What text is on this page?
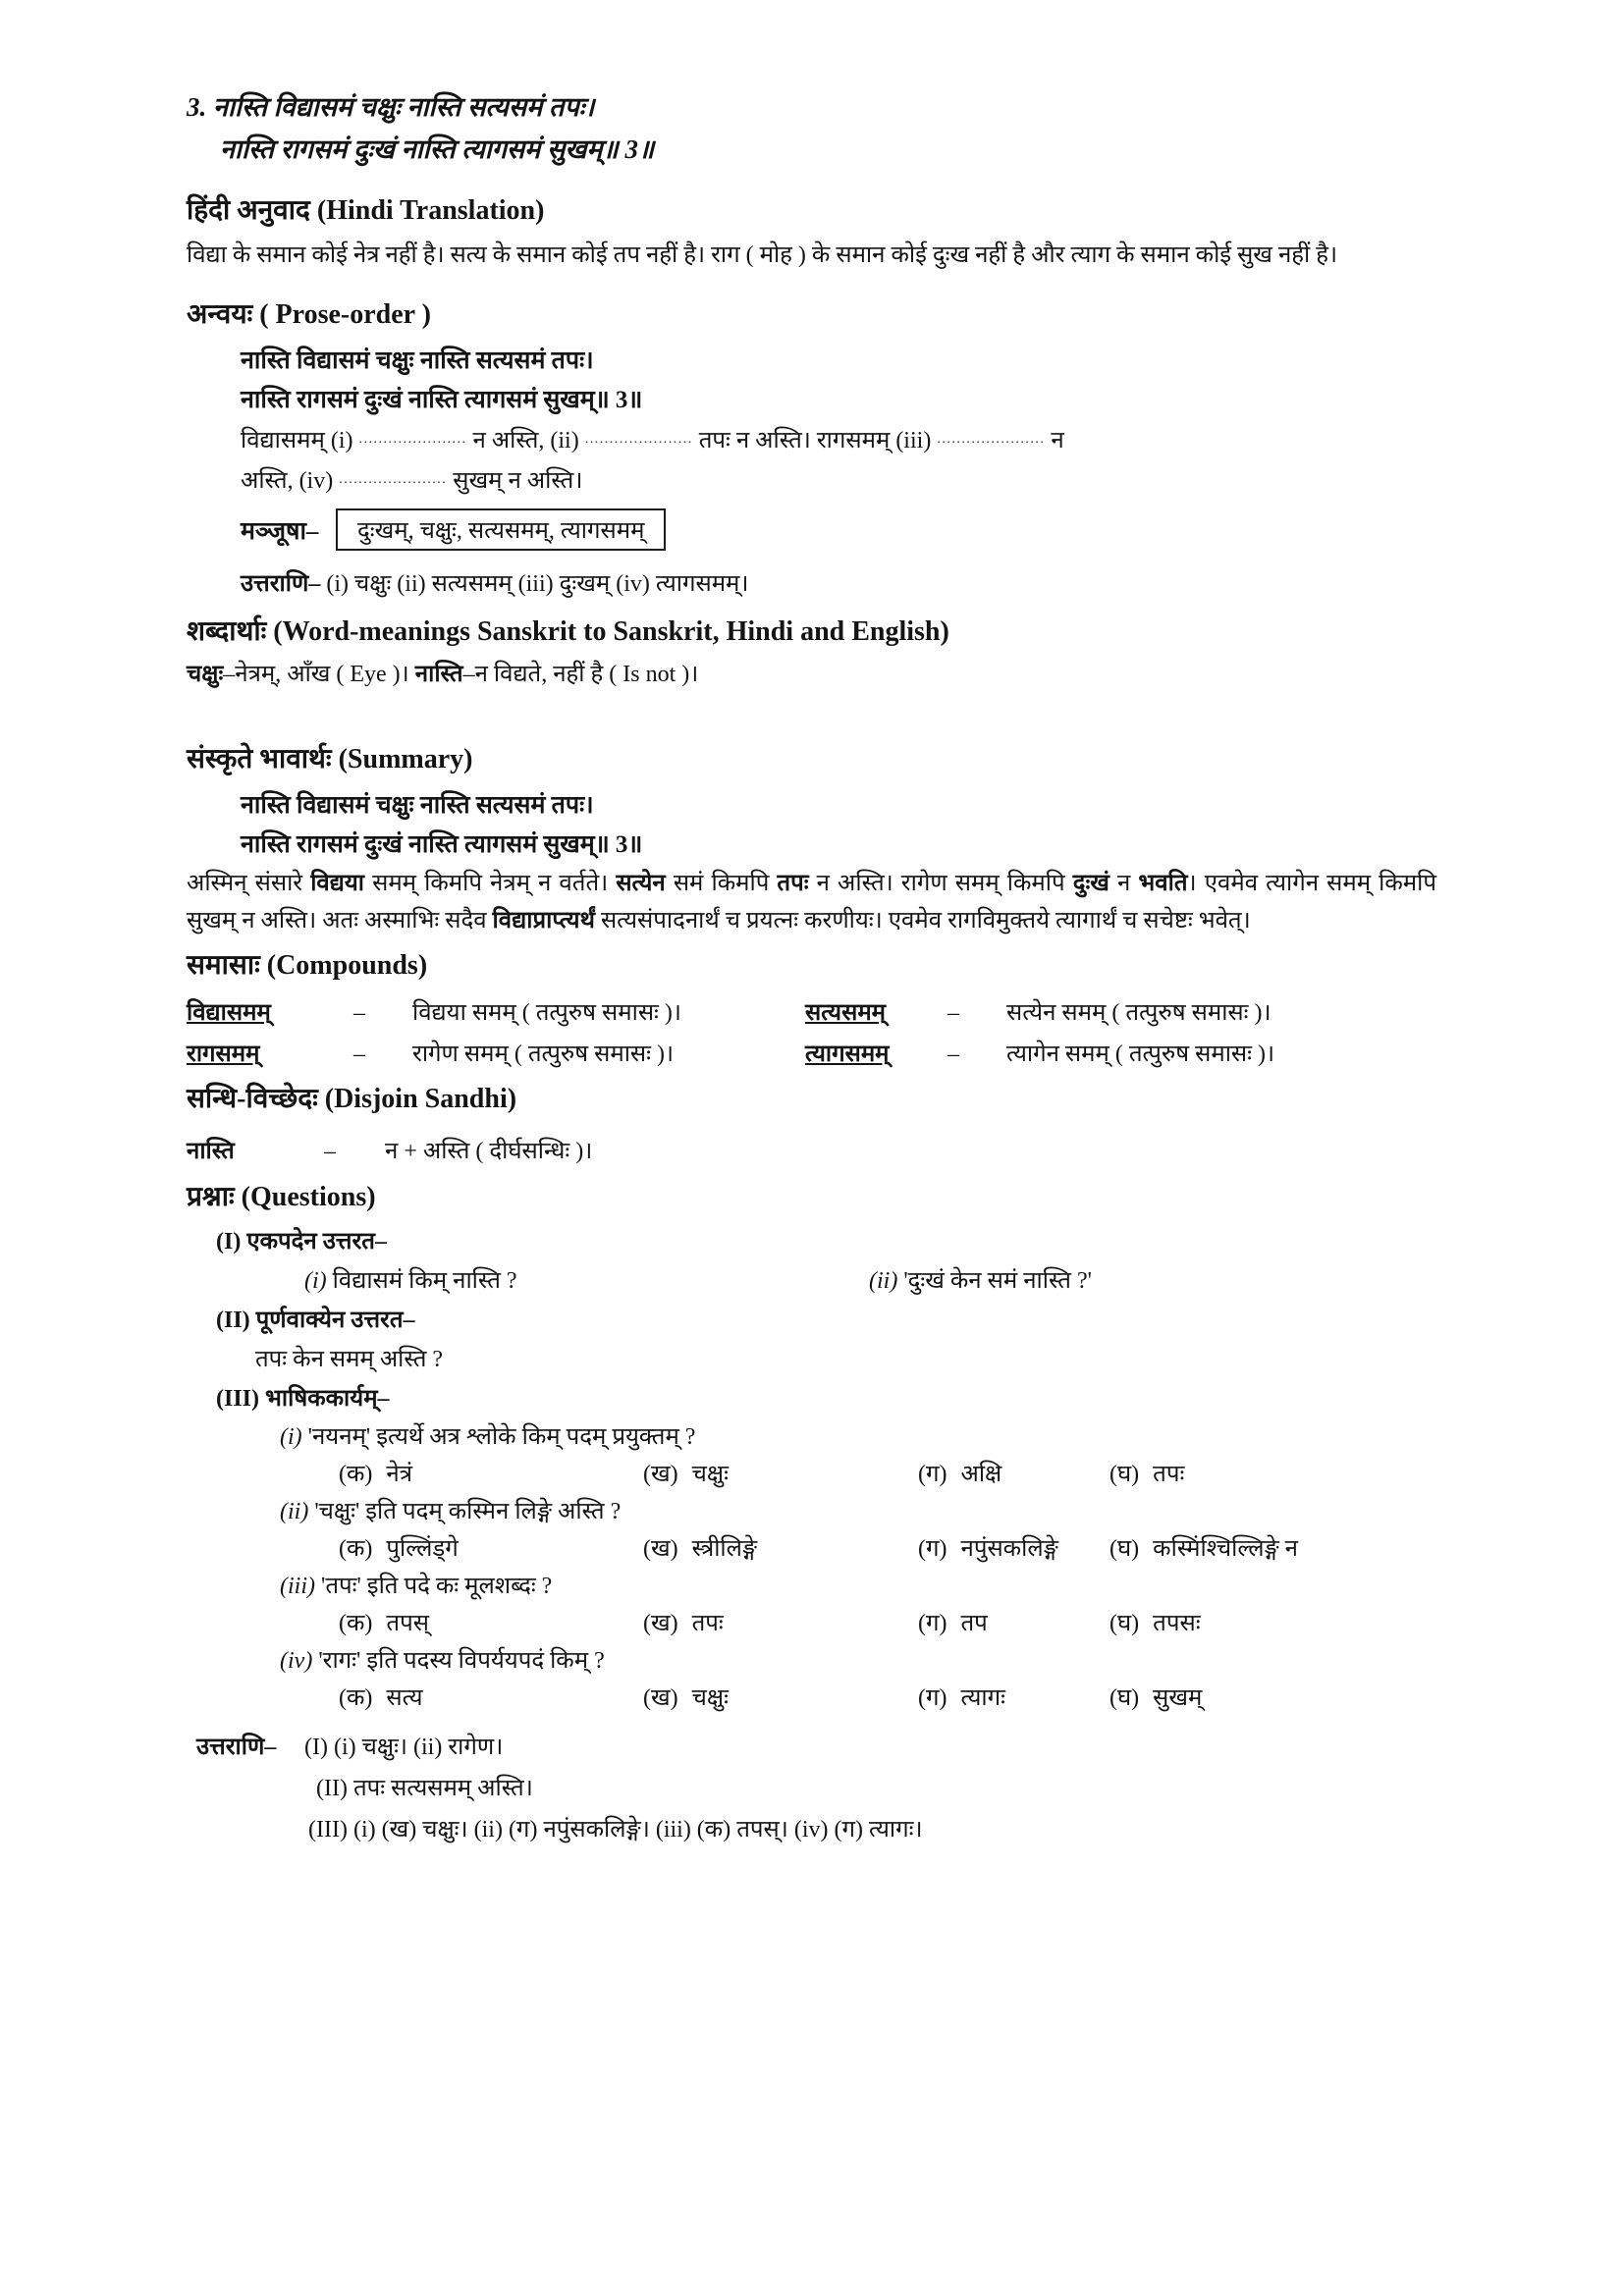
3. नास्ति विद्यासमं चक्षुः नास्ति सत्यसमं तपः।
नास्ति रागसमं दुःखं नास्ति त्यागसमं सुखम्॥ 3॥
हिंदी अनुवाद (Hindi Translation)
विद्या के समान कोई नेत्र नहीं है। सत्य के समान कोई तप नहीं है। राग ( मोह ) के समान कोई दुःख नहीं है और त्याग के समान कोई सुख नहीं है।
अन्वयः ( Prose-order )
नास्ति विद्यासमं चक्षुः नास्ति सत्यसमं तपः।
नास्ति रागसमं दुःखं नास्ति त्यागसमं सुखम्॥ 3॥
विद्यासमम् (i) ...................... न अस्ति, (ii) ...................... तपः न अस्ति। रागसमम् (iii) ...................... न
अस्ति, (iv) ...................... सुखम् न अस्ति।
मञ्जूषा–	दुःखम्, चक्षुः, सत्यसमम्, त्यागसमम्
उत्तराणि– (i) चक्षुः (ii) सत्यसमम् (iii) दुःखम् (iv) त्यागसमम्।
शब्दार्थाः (Word-meanings Sanskrit to Sanskrit, Hindi and English)
चक्षुः–नेत्रम्, आँख ( Eye )। नास्ति–न विद्यते, नहीं है ( Is not )।
संस्कृते भावार्थः (Summary)
नास्ति विद्यासमं चक्षुः नास्ति सत्यसमं तपः।
नास्ति रागसमं दुःखं नास्ति त्यागसमं सुखम्॥ 3॥
अस्मिन् संसारे विद्यया समम् किमपि नेत्रम् न वर्तते। सत्येन समं किमपि तपः न अस्ति। रागेण समम् किमपि दुःखं न भवति। एवमेव त्यागेन समम् किमपि सुखम् न अस्ति। अतः अस्माभिः सदैव विद्याप्राप्त्यर्थं सत्यसंपादनार्थं च प्रयत्नः करणीयः। एवमेव रागविमुक्तये त्यागार्थं च सचेष्टः भवेत्।
समासाः (Compounds)
विद्यासमम्	–	विद्यया समम् ( तत्पुरुष समासः )।	सत्यसमम्	–	सत्येन समम् ( तत्पुरुष समासः )।
रागसमम्	–	रागेण समम् ( तत्पुरुष समासः )।	त्यागसमम्	–	त्यागेन समम् ( तत्पुरुष समासः )।
सन्धि-विच्छेदः (Disjoin Sandhi)
नास्ति	– न + अस्ति ( दीर्घसन्धिः )।
प्रश्नाः (Questions)
(I) एकपदेन उत्तरत–
(i) विद्यासमं किम् नास्ति ?	(ii) 'दुःखं केन समं नास्ति ?'
(II) पूर्णवाक्येन उत्तरत–
तपः केन समम् अस्ति ?
(III) भाषिककार्यम्–
(i) 'नयनम्' इत्यर्थे अत्र श्लोके किम् पदम् प्रयुक्तम् ?
(क) नेत्रं	(ख) चक्षुः	(ग) अक्षि	(घ) तपः
(ii) 'चक्षुः' इति पदम् कस्मिन लिङ्गे अस्ति ?
(क) पुल्लिंड्गे	(ख) स्त्रीलिङ्गे	(ग) नपुंसकलिङ्गे	(घ) कस्मिंश्चिल्लिङ्गे न
(iii) 'तपः' इति पदे कः मूलशब्दः ?
(क) तपस्	(ख) तपः	(ग) तप	(घ) तपसः
(iv) 'रागः' इति पदस्य विपर्ययपदं किम् ?
(क) सत्य	(ख) चक्षुः	(ग) त्यागः	(घ) सुखम्
उत्तराणि–	(I) (i) चक्षुः। (ii) रागेण।
(II) तपः सत्यसमम् अस्ति।
(III) (i) (ख) चक्षुः। (ii) (ग) नपुंसकलिङ्गे। (iii) (क) तपस्। (iv) (ग) त्यागः।
